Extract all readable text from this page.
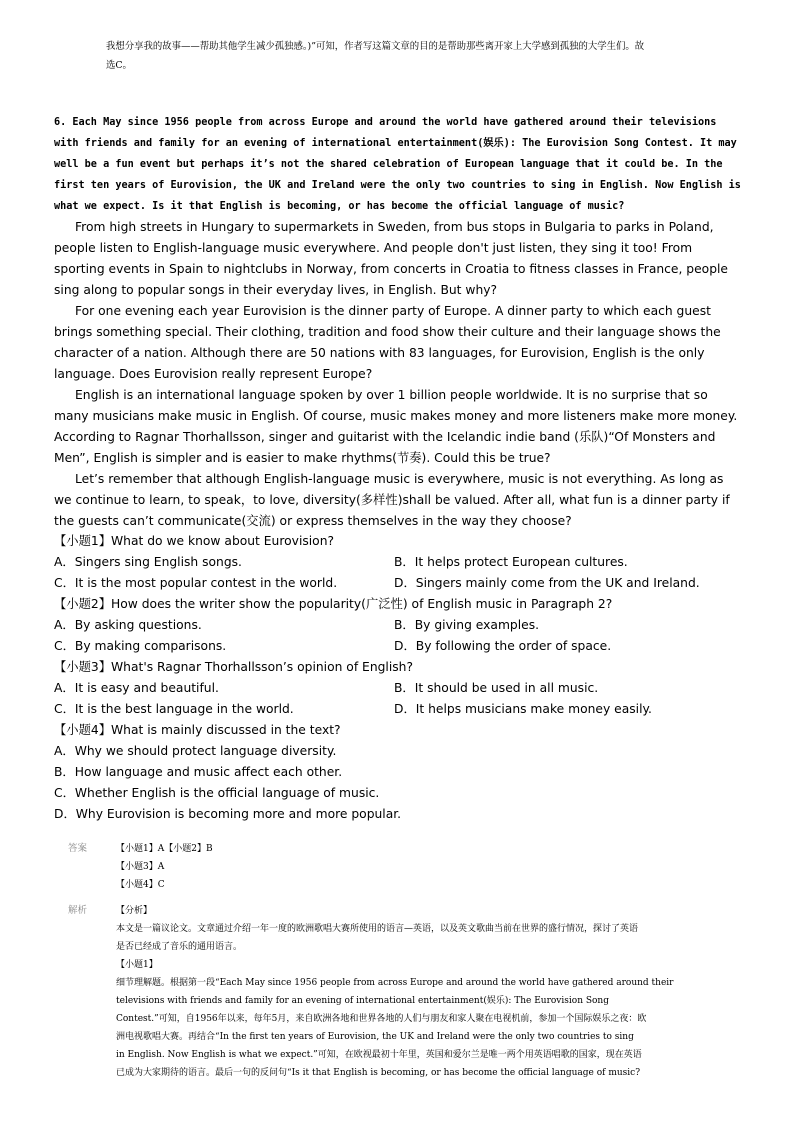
我想分享我的故事——帮助其他学生减少孤独感。)”可知，作者写这篇文章的目的是帮助那些离开家上大学感到孤独的大学生们。故
选C。
6. Each May since 1956 people from across Europe and around the world have gathered around their televisions
with friends and family for an evening of international entertainment(娱乐): The Eurovision Song Contest. It may
well be a fun event but perhaps it’s not the shared celebration of European language that it could be. In the
first ten years of Eurovision, the UK and Ireland were the only two countries to sing in English. Now English is
what we expect. Is it that English is becoming, or has become the official language of music?

From high streets in Hungary to supermarkets in Sweden, from bus stops in Bulgaria to parks in Poland, people listen to English-language music everywhere. And people don't just listen, they sing it too! From sporting events in Spain to nightclubs in Norway, from concerts in Croatia to fitness classes in France, people sing along to popular songs in their everyday lives, in English. But why?

For one evening each year Eurovision is the dinner party of Europe. A dinner party to which each guest brings something special. Their clothing, tradition and food show their culture and their language shows the character of a nation. Although there are 50 nations with 83 languages, for Eurovision, English is the only language. Does Eurovision really represent Europe?

English is an international language spoken by over 1 billion people worldwide. It is no surprise that so many musicians make music in English. Of course, music makes money and more listeners make more money. According to Ragnar Thorhallsson, singer and guitarist with the Icelandic indie band (乐队)“Of Monsters and Men”, English is simpler and is easier to make rhythms(节奏). Could this be true?

Let’s remember that although English-language music is everywhere, music is not everything. As long as we continue to learn, to speak，to love, diversity(多样性)shall be valued. After all, what fun is a dinner party if the guests can’t communicate(交流) or express themselves in the way they choose?

【小题1】What do we know about Eurovision?
A．Singers sing English songs.	B．It helps protect European cultures.
C．It is the most popular contest in the world.	D．Singers mainly come from the UK and Ireland.
【小题2】How does the writer show the popularity(广泛性) of English music in Paragraph 2?
A．By asking questions.	B．By giving examples.
C．By making comparisons.	D．By following the order of space.
【小题3】What's Ragnar Thorhallsson’s opinion of English?
A．It is easy and beautiful.	B．It should be used in all music.
C．It is the best language in the world.	D．It helps musicians make money easily.
【小题4】What is mainly discussed in the text?
A．Why we should protect language diversity.
B．How language and music affect each other.
C．Whether English is the official language of music.
D．Why Eurovision is becoming more and more popular.
答案	【小题1】A【小题2】B
【小题3】A
【小题4】C
解析	【分析】
本文是一篇议论文。文章通过介绍一年一度的欧洲歌唱大赛所使用的语言—英语，以及英文歌曲当前在世界的盛行情况，探讨了英语
是否已经成了音乐的通用语言。
【小题1】
细节理解题。根据第一段“Each May since 1956 people from across Europe and around the world have gathered around their
televisions with friends and family for an evening of international entertainment(娱乐): The Eurovision Song
Contest.”可知，自1956年以来，每年5月，来自欧洲各地和世界各地的人们与朋友和家人聚在电视机前，参加一个国际娱乐之夜：欧
洲电视歌唱大赛。再结合“In the first ten years of Eurovision, the UK and Ireland were the only two countries to sing
in English. Now English is what we expect.”可知，在欧视最初十年里，英国和爱尔兰是唯一两个用英语唱歌的国家，现在英语
已成为大家期待的语言。最后一句的反问句“Is it that English is becoming, or has become the official language of music?
